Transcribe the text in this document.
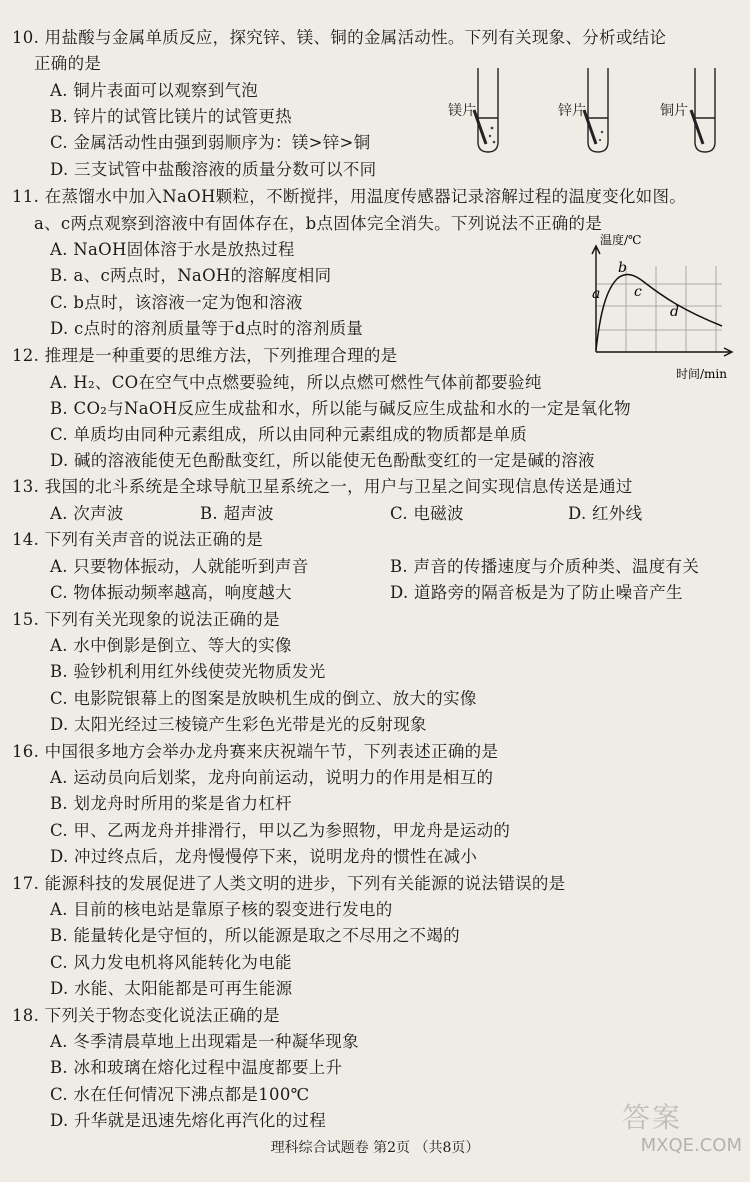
10. 用盐酸与金属单质反应，探究锌、镁、铜的金属活动性。下列有关现象、分析或结论
正确的是
A. 铜片表面可以观察到气泡
B. 锌片的试管比镁片的试管更热
C. 金属活动性由强到弱顺序为：镁>锌>铜
D. 三支试管中盐酸溶液的质量分数可以不同
镁片	锌片	铜片
11. 在蒸馏水中加入NaOH颗粒，不断搅拌，用温度传感器记录溶解过程的温度变化如图。
a、c两点观察到溶液中有固体存在，b点固体完全消失。下列说法不正确的是
A. NaOH固体溶于水是放热过程
B. a、c两点时，NaOH的溶解度相同
C. b点时，该溶液一定为饱和溶液
D. c点时的溶剂质量等于d点时的溶剂质量
温度/℃
a
b
c
d
时间/min
12. 推理是一种重要的思维方法，下列推理合理的是
A. H₂、CO在空气中点燃要验纯，所以点燃可燃性气体前都要验纯
B. CO₂与NaOH反应生成盐和水，所以能与碱反应生成盐和水的一定是氧化物
C. 单质均由同种元素组成，所以由同种元素组成的物质都是单质
D. 碱的溶液能使无色酚酞变红，所以能使无色酚酞变红的一定是碱的溶液
13. 我国的北斗系统是全球导航卫星系统之一，用户与卫星之间实现信息传送是通过
A. 次声波	B. 超声波	C. 电磁波	D. 红外线
14. 下列有关声音的说法正确的是
A. 只要物体振动，人就能听到声音	B. 声音的传播速度与介质种类、温度有关
C. 物体振动频率越高，响度越大	D. 道路旁的隔音板是为了防止噪音产生
15. 下列有关光现象的说法正确的是
A. 水中倒影是倒立、等大的实像
B. 验钞机利用红外线使荧光物质发光
C. 电影院银幕上的图案是放映机生成的倒立、放大的实像
D. 太阳光经过三棱镜产生彩色光带是光的反射现象
16. 中国很多地方会举办龙舟赛来庆祝端午节，下列表述正确的是
A. 运动员向后划桨，龙舟向前运动，说明力的作用是相互的
B. 划龙舟时所用的桨是省力杠杆
C. 甲、乙两龙舟并排滑行，甲以乙为参照物，甲龙舟是运动的
D. 冲过终点后，龙舟慢慢停下来，说明龙舟的惯性在减小
17. 能源科技的发展促进了人类文明的进步，下列有关能源的说法错误的是
A. 目前的核电站是靠原子核的裂变进行发电的
B. 能量转化是守恒的，所以能源是取之不尽用之不竭的
C. 风力发电机将风能转化为电能
D. 水能、太阳能都是可再生能源
18. 下列关于物态变化说法正确的是
A. 冬季清晨草地上出现霜是一种凝华现象
B. 冰和玻璃在熔化过程中温度都要上升
C. 水在任何情况下沸点都是100℃
D. 升华就是迅速先熔化再汽化的过程
理科综合试题卷 第2页 （共8页）
答案
MXQE.COM
